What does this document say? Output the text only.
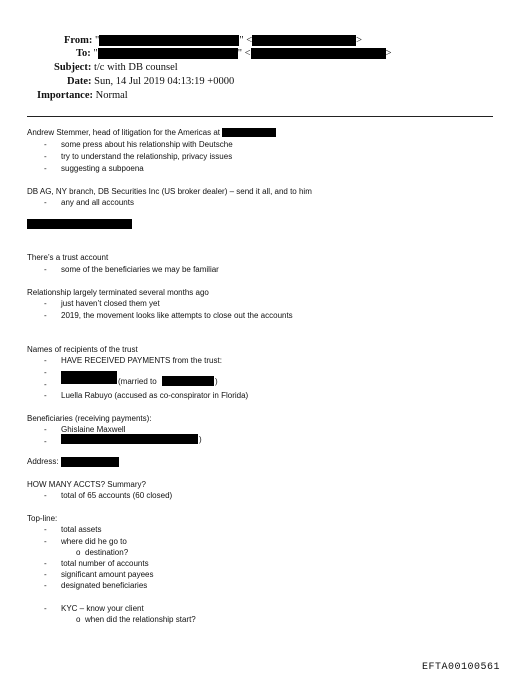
From: "	" <	>
To: "	" <	>
Subject: t/c with DB counsel
Date: Sun, 14 Jul 2019 04:13:19 +0000
Importance: Normal
Andrew Stemmer, head of litigation for the Americas at
- some press about his relationship with Deutsche
- try to understand the relationship, privacy issues
- suggesting a subpoena
DB AG, NY branch, DB Securities Inc (US broker dealer) – send it all, and to him
- any and all accounts
There’s a trust account
- some of the beneficiaries we may be familiar
Relationship largely terminated several months ago
- just haven’t closed them yet
- 2019, the movement looks like attempts to close out the accounts
Names of recipients of the trust
- HAVE RECEIVED PAYMENTS from the trust:
-
-	(married to	)
- Luella Rabuyo (accused as co-conspirator in Florida)
Beneficiaries (receiving payments):
- Ghislaine Maxwell
-	)
Address:
HOW MANY ACCTS? Summary?
- total of 65 accounts (60 closed)
Top-line:
- total assets
- where did he go to
o destination?
- total number of accounts
- significant amount payees
- designated beneficiaries
- KYC – know your client
o when did the relationship start?
EFTA00100561
